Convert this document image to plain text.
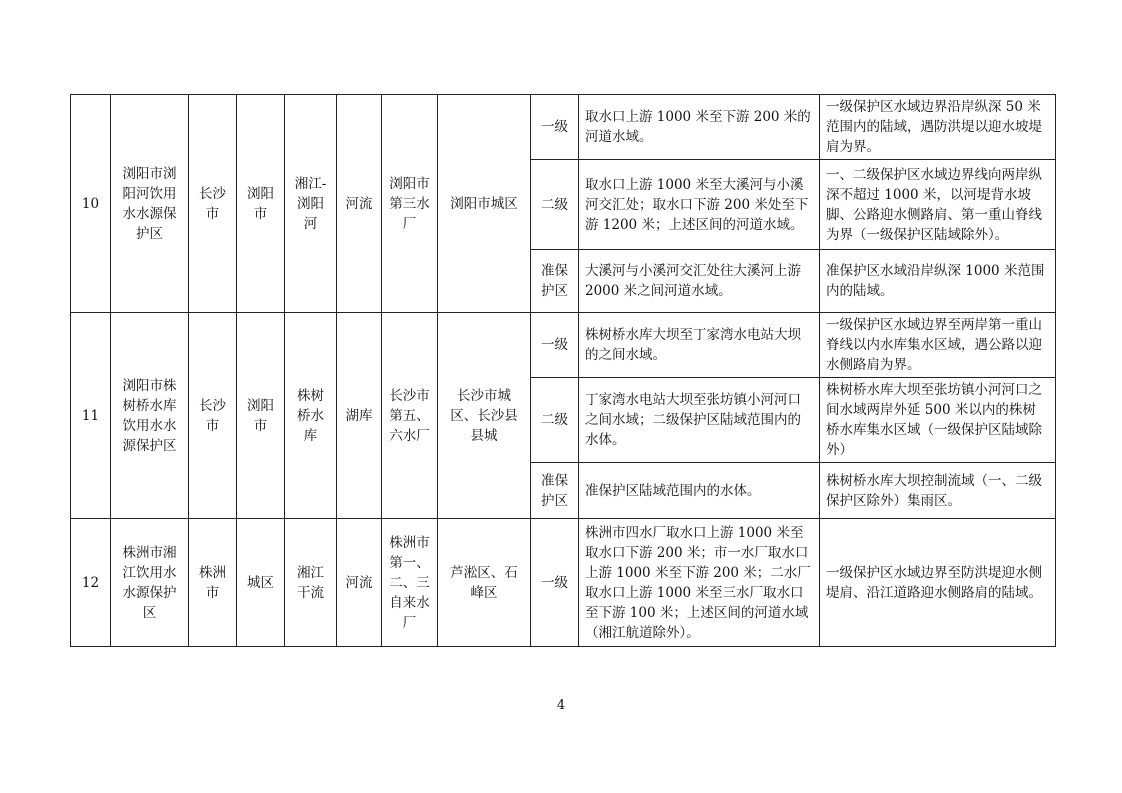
10	浏阳市浏阳河饮用水水源保护区	长沙市	浏阳市	湘江-浏阳河	河流	浏阳市第三水厂	浏阳市城区	一级	取水口上游 1000 米至下游 200 米的河道水域。	一级保护区水域边界沿岸纵深 50 米范围内的陆域，遇防洪堤以迎水坡堤肩为界。
								二级	取水口上游 1000 米至大溪河与小溪河交汇处；取水口下游 200 米处至下游 1200 米；上述区间的河道水域。	一、二级保护区水域边界线向两岸纵深不超过 1000 米，以河堤背水坡脚、公路迎水侧路肩、第一重山脊线为界（一级保护区陆域除外）。
								准保护区	大溪河与小溪河交汇处往大溪河上游 2000 米之间河道水域。	准保护区水域沿岸纵深 1000 米范围内的陆域。
11	浏阳市株树桥水库饮用水水源保护区	长沙市	浏阳市	株树桥水库	湖库	长沙市第五、六水厂	长沙市城区、长沙县县城	一级	株树桥水库大坝至丁家湾水电站大坝的之间水域。	一级保护区水域边界至两岸第一重山脊线以内水库集水区域，遇公路以迎水侧路肩为界。
								二级	丁家湾水电站大坝至张坊镇小河河口之间水域；二级保护区陆域范围内的水体。	株树桥水库大坝至张坊镇小河河口之间水域两岸外延 500 米以内的株树桥水库集水区域（一级保护区陆域除外）
								准保护区	准保护区陆域范围内的水体。	株树桥水库大坝控制流域（一、二级保护区除外）集雨区。
12	株洲市湘江饮用水水源保护区	株洲市	城区	湘江干流	河流	株洲市第一、二、三自来水厂	芦淞区、石峰区	一级	株洲市四水厂取水口上游 1000 米至取水口下游 200 米；市一水厂取水口上游 1000 米至下游 200 米；二水厂取水口上游 1000 米至三水厂取水口至下游 100 米；上述区间的河道水域（湘江航道除外）。	一级保护区水域边界至防洪堤迎水侧堤肩、沿江道路迎水侧路肩的陆域。
4
